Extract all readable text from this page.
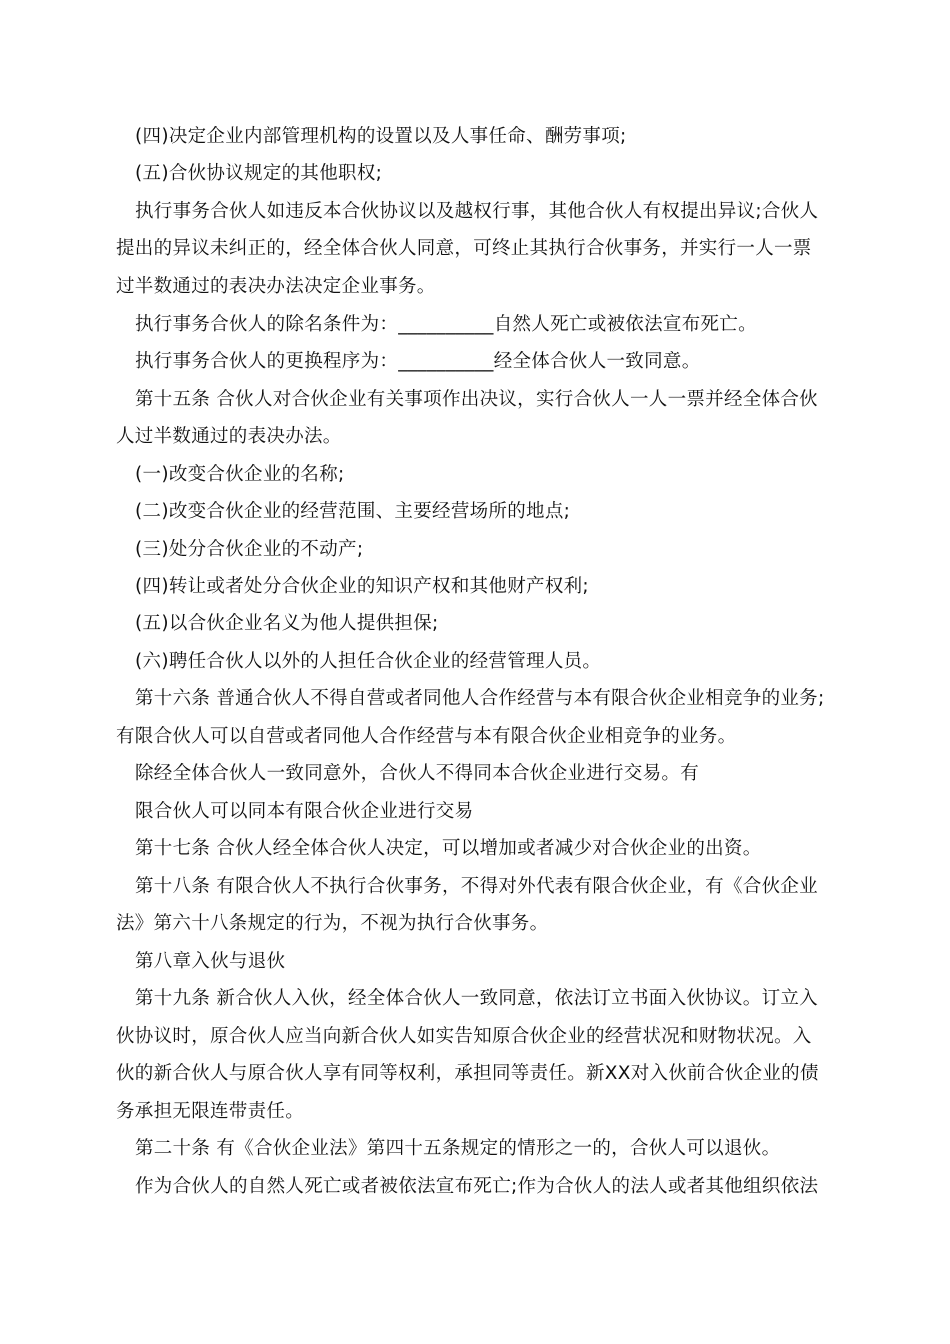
(四)决定企业内部管理机构的设置以及人事任命、酬劳事项;
(五)合伙协议规定的其他职权;
执行事务合伙人如违反本合伙协议以及越权行事，其他合伙人有权提出异议;合伙人
提出的异议未纠正的，经全体合伙人同意，可终止其执行合伙事务，并实行一人一票
过半数通过的表决办法决定企业事务。
执行事务合伙人的除名条件为：__________自然人死亡或被依法宣布死亡。
执行事务合伙人的更换程序为：__________经全体合伙人一致同意。
第十五条 合伙人对合伙企业有关事项作出决议，实行合伙人一人一票并经全体合伙
人过半数通过的表决办法。
(一)改变合伙企业的名称;
(二)改变合伙企业的经营范围、主要经营场所的地点;
(三)处分合伙企业的不动产;
(四)转让或者处分合伙企业的知识产权和其他财产权利;
(五)以合伙企业名义为他人提供担保;
(六)聘任合伙人以外的人担任合伙企业的经营管理人员。
第十六条 普通合伙人不得自营或者同他人合作经营与本有限合伙企业相竞争的业务;
有限合伙人可以自营或者同他人合作经营与本有限合伙企业相竞争的业务。
除经全体合伙人一致同意外，合伙人不得同本合伙企业进行交易。有
限合伙人可以同本有限合伙企业进行交易
第十七条 合伙人经全体合伙人决定，可以增加或者减少对合伙企业的出资。
第十八条 有限合伙人不执行合伙事务，不得对外代表有限合伙企业，有《合伙企业
法》第六十八条规定的行为，不视为执行合伙事务。
第八章入伙与退伙
第十九条 新合伙人入伙，经全体合伙人一致同意，依法订立书面入伙协议。订立入
伙协议时，原合伙人应当向新合伙人如实告知原合伙企业的经营状况和财物状况。入
伙的新合伙人与原合伙人享有同等权利，承担同等责任。新XX对入伙前合伙企业的债
务承担无限连带责任。
第二十条 有《合伙企业法》第四十五条规定的情形之一的，合伙人可以退伙。
作为合伙人的自然人死亡或者被依法宣布死亡;作为合伙人的法人或者其他组织依法
